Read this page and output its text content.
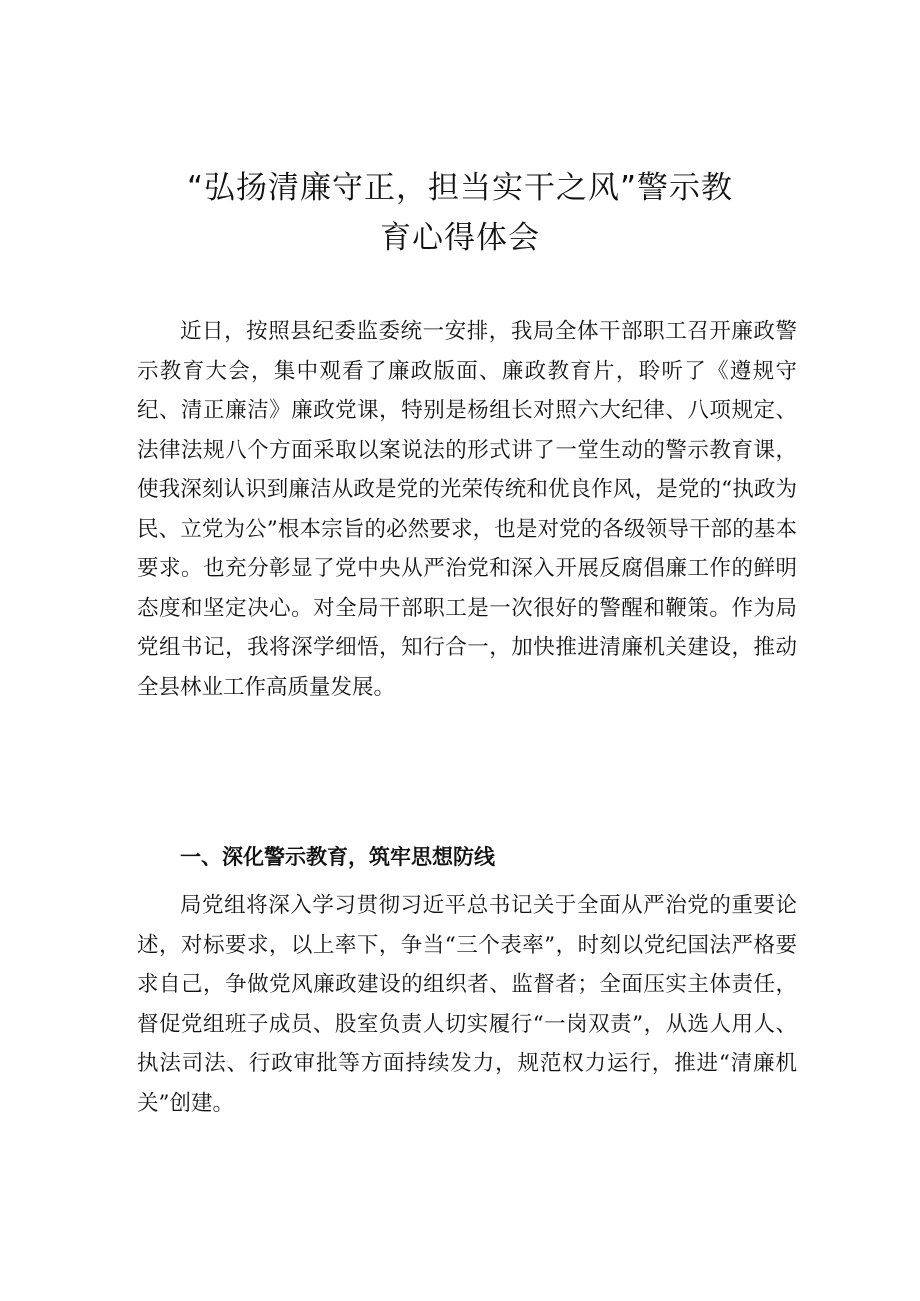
“弘扬清廉守正，担当实干之风”警示教
育心得体会

近日，按照县纪委监委统一安排，我局全体干部职工召开廉政警示教育大会，集中观看了廉政版面、廉政教育片，聆听了《遵规守纪、清正廉洁》廉政党课，特别是杨组长对照六大纪律、八项规定、法律法规八个方面采取以案说法的形式讲了一堂生动的警示教育课，使我深刻认识到廉洁从政是党的光荣传统和优良作风，是党的“执政为民、立党为公”根本宗旨的必然要求，也是对党的各级领导干部的基本要求。也充分彰显了党中央从严治党和深入开展反腐倡廉工作的鲜明态度和坚定决心。对全局干部职工是一次很好的警醒和鞭策。作为局党组书记，我将深学细悟，知行合一，加快推进清廉机关建设，推动全县林业工作高质量发展。

一、深化警示教育，筑牢思想防线

局党组将深入学习贯彻习近平总书记关于全面从严治党的重要论述，对标要求，以上率下，争当“三个表率”，时刻以党纪国法严格要求自己，争做党风廉政建设的组织者、监督者；全面压实主体责任，督促党组班子成员、股室负责人切实履行“一岗双责”，从选人用人、执法司法、行政审批等方面持续发力，规范权力运行，推进“清廉机关”创建。
